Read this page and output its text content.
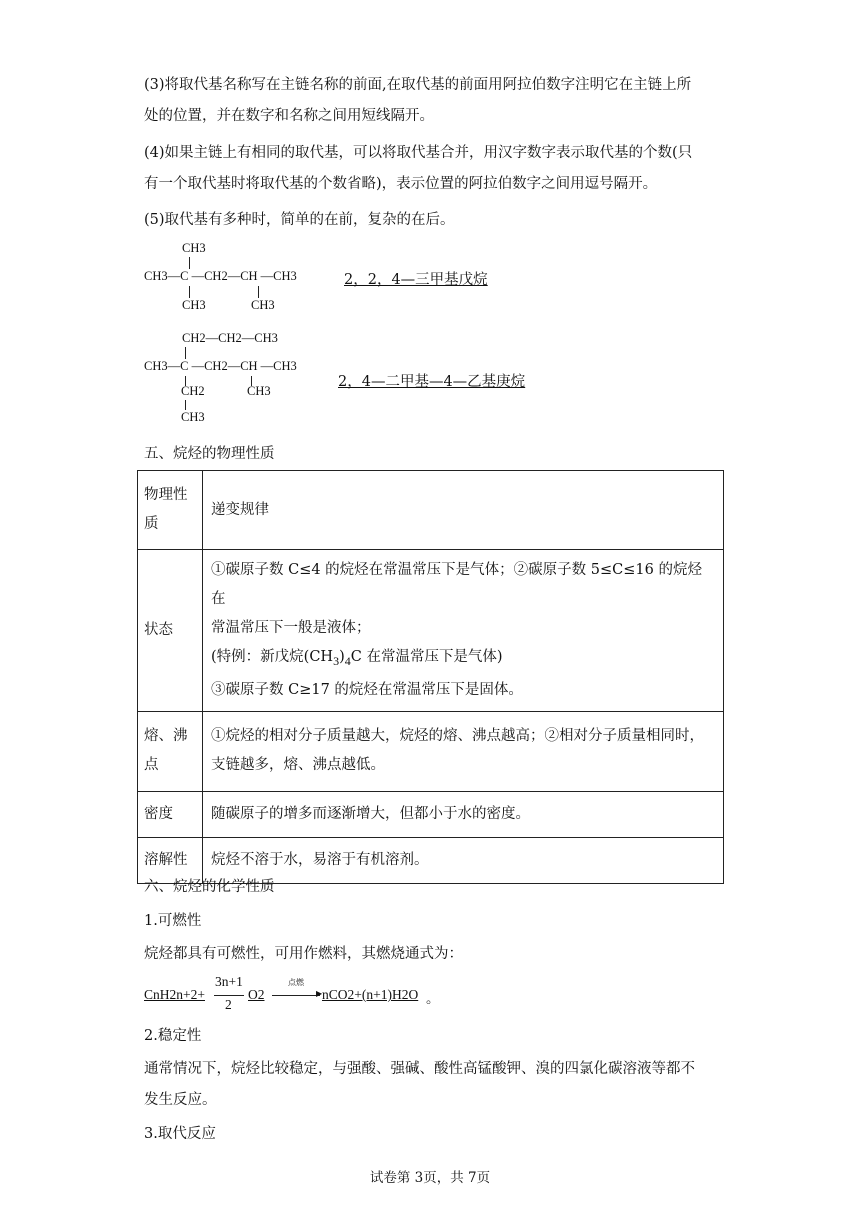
(3)将取代基名称写在主链名称的前面,在取代基的前面用阿拉伯数字注明它在主链上所
处的位置，并在数字和名称之间用短线隔开。
(4)如果主链上有相同的取代基，可以将取代基合并，用汉字数字表示取代基的个数(只
有一个取代基时将取代基的个数省略)，表示位置的阿拉伯数字之间用逗号隔开。
(5)取代基有多种时，简单的在前，复杂的在后。
CH3
CH3—C —CH2—CH —CH3
CH3	CH3
2，2，4—三甲基戊烷
CH2—CH2—CH3
CH3—C —CH2—CH —CH3
CH2	CH3
CH3
2，4—二甲基—4—乙基庚烷
五、烷烃的物理性质
物理性质	递变规律
状态	①碳原子数 C≤4 的烷烃在常温常压下是气体；②碳原子数 5≤C≤16 的烷烃在
常温常压下一般是液体；
(特例：新戊烷$(CH_3)_4C$ 在常温常压下是气体)
③碳原子数 C≥17 的烷烃在常温常压下是固体。

熔、沸点	①烷烃的相对分子质量越大，烷烃的熔、沸点越高；②相对分子质量相同时，
支链越多，熔、沸点越低。

密度	随碳原子的增多而逐渐增大，但都小于水的密度。
溶解性	烷烃不溶于水，易溶于有机溶剂。
六、烷烃的化学性质
1.可燃性
烷烃都具有可燃性，可用作燃料，其燃烧通式为：
CnH2n+2+
3n+1
2
O2
点燃
▶ nCO2+(n+1)H2O 。
2.稳定性
通常情况下，烷烃比较稳定，与强酸、强碱、酸性高锰酸钾、溴的四氯化碳溶液等都不
发生反应。
3.取代反应
试卷第 3页，共 7页
